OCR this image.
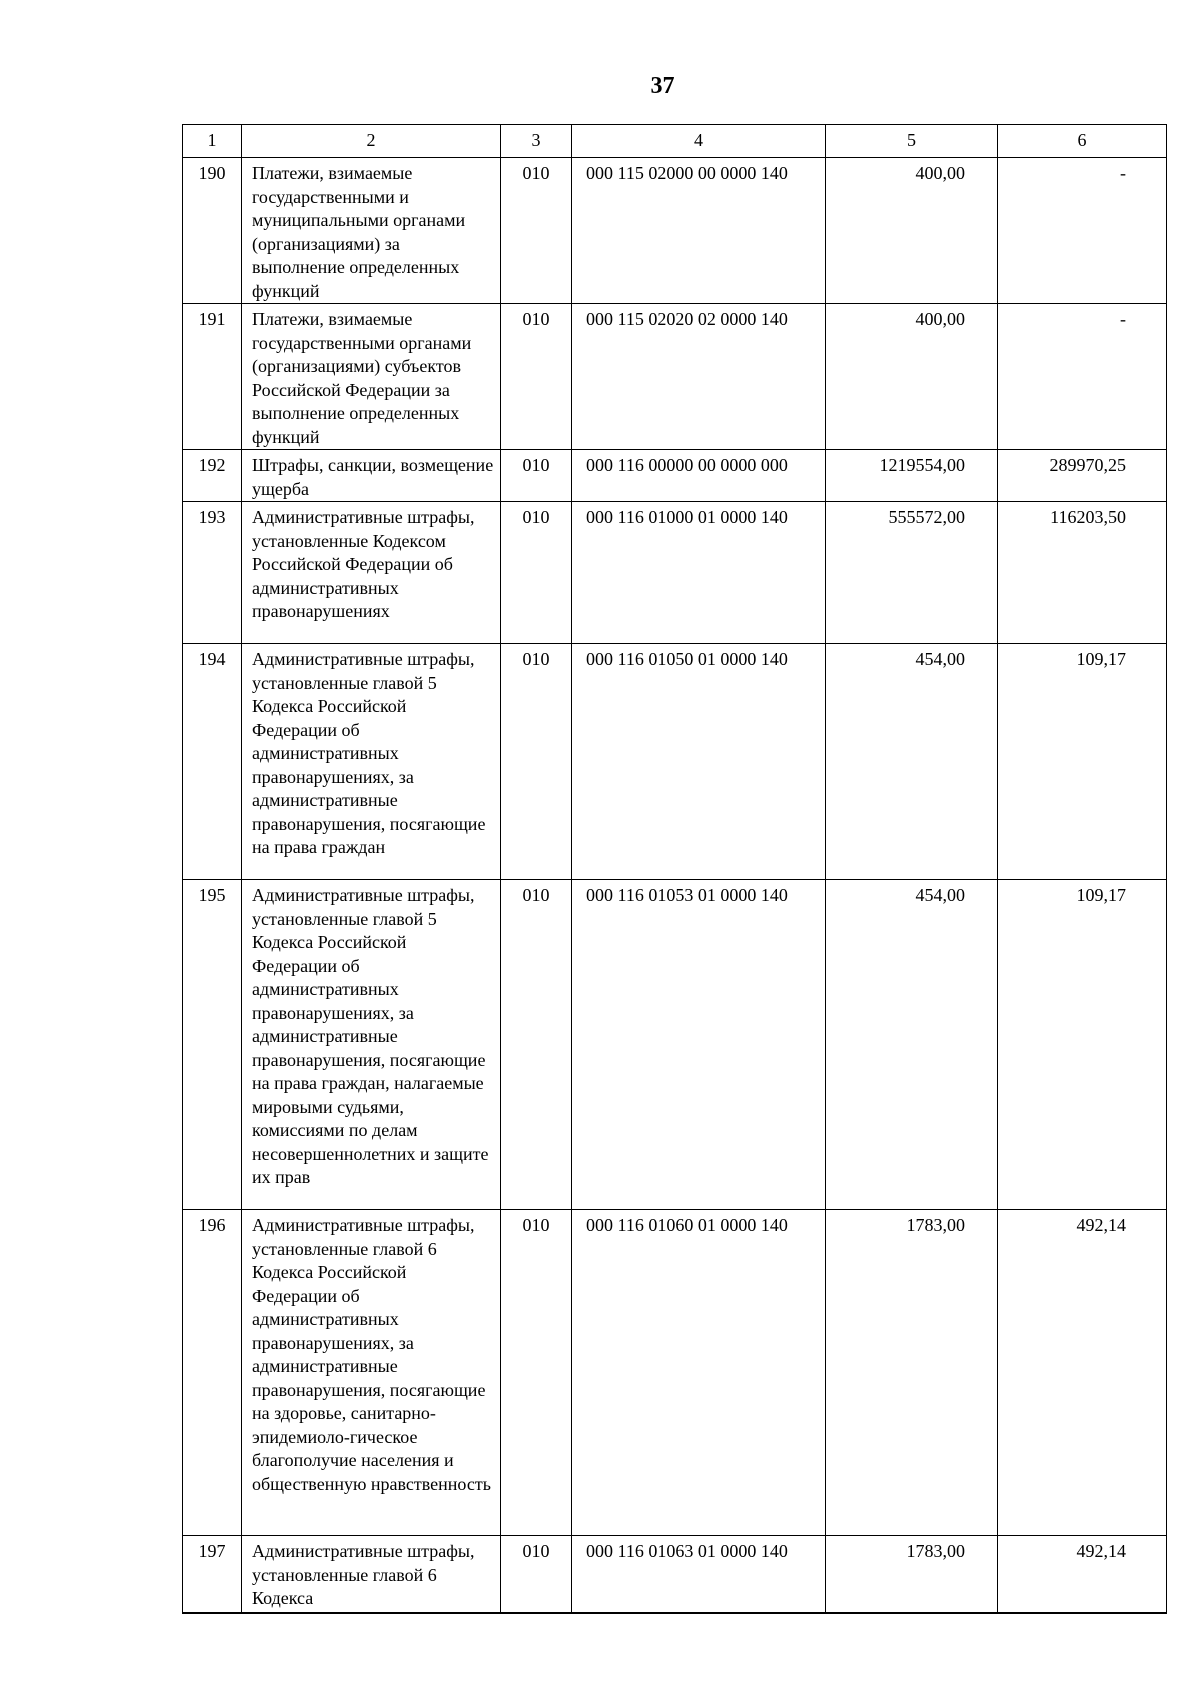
37
1	2	3	4	5	6
190	Платежи, взимаемые государственными и муниципальными органами (организациями) за выполнение определенных функций	010	000 115 02000 00 0000 140	400,00	-
191	Платежи, взимаемые государственными органами (организациями) субъектов Российской Федерации за выполнение определенных функций	010	000 115 02020 02 0000 140	400,00	-
192	Штрафы, санкции, возмещение ущерба	010	000 116 00000 00 0000 000	1219554,00	289970,25
193	Административные штрафы, установленные Кодексом Российской Федерации об административных правонарушениях	010	000 116 01000 01 0000 140	555572,00	116203,50
194	Административные штрафы, установленные главой 5 Кодекса Российской Федерации об административных правонарушениях, за административные правонарушения, посягающие на права граждан	010	000 116 01050 01 0000 140	454,00	109,17
195	Административные штрафы, установленные главой 5 Кодекса Российской Федерации об административных правонарушениях, за административные правонарушения, посягающие на права граждан, налагаемые мировыми судьями, комиссиями по делам несовершеннолетних и защите их прав	010	000 116 01053 01 0000 140	454,00	109,17
196	Административные штрафы, установленные главой 6 Кодекса Российской Федерации об административных правонарушениях, за административные правонарушения, посягающие на здоровье, санитарно-эпидемиоло-гическое благополучие населения и общественную нравственность	010	000 116 01060 01 0000 140	1783,00	492,14
197	Административные штрафы, установленные главой 6 Кодекса	010	000 116 01063 01 0000 140	1783,00	492,14
